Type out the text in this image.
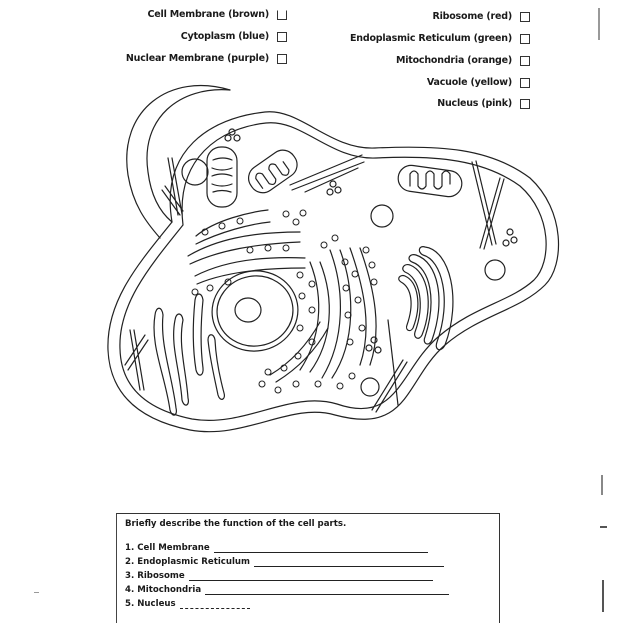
Cell Membrane (brown)
Cytoplasm (blue)
Nuclear Membrane (purple)
Ribosome (red)
Endoplasmic Reticulum (green)
Mitochondria (orange)
Vacuole (yellow)
Nucleus (pink)
Briefly describe the function of the cell parts.
1. Cell Membrane
2. Endoplasmic Reticulum
3. Ribosome
4. Mitochondria
5. Nucleus
